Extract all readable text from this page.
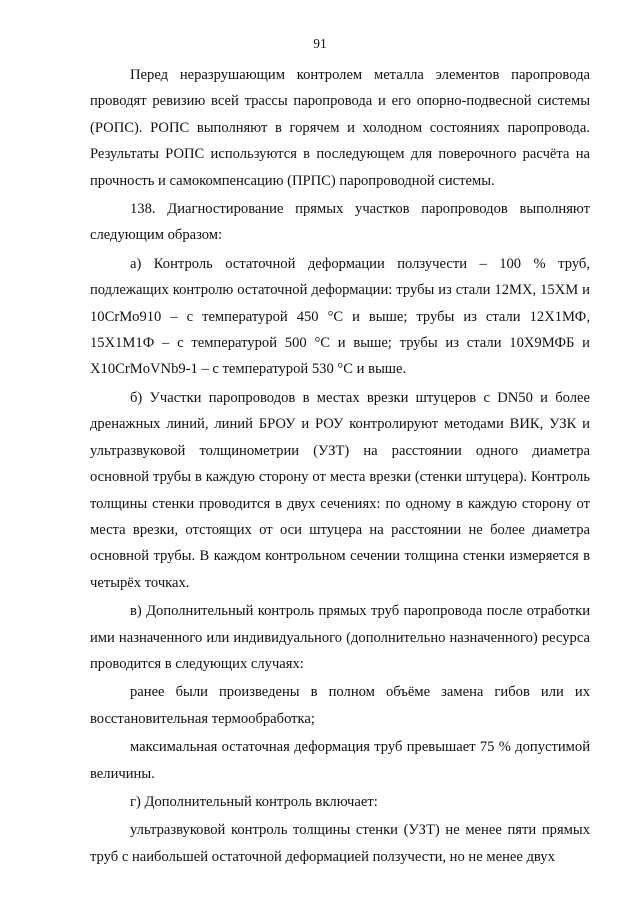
91

Перед неразрушающим контролем металла элементов паропровода проводят ревизию всей трассы паропровода и его опорно-подвесной системы (РОПС). РОПС выполняют в горячем и холодном состояниях паропровода. Результаты РОПС используются в последующем для поверочного расчёта на прочность и самокомпенсацию (ПРПС) паропроводной системы.

138. Диагностирование прямых участков паропроводов выполняют следующим образом:

а) Контроль остаточной деформации ползучести – 100 % труб, подлежащих контролю остаточной деформации: трубы из стали 12МХ, 15ХМ и 10CrMo910 – с температурой 450 °С и выше; трубы из стали 12Х1МФ, 15Х1М1Ф – с температурой 500 °С и выше; трубы из стали 10Х9МФБ и X10CrMoVNb9-1 – с температурой 530 °С и выше.

б) Участки паропроводов в местах врезки штуцеров с DN50 и более дренажных линий, линий БРОУ и РОУ контролируют методами ВИК, УЗК и ультразвуковой толщинометрии (УЗТ) на расстоянии одного диаметра основной трубы в каждую сторону от места врезки (стенки штуцера). Контроль толщины стенки проводится в двух сечениях: по одному в каждую сторону от места врезки, отстоящих от оси штуцера на расстоянии не более диаметра основной трубы. В каждом контрольном сечении толщина стенки измеряется в четырёх точках.

в) Дополнительный контроль прямых труб паропровода после отработки ими назначенного или индивидуального (дополнительно назначенного) ресурса проводится в следующих случаях:

ранее были произведены в полном объёме замена гибов или их восстановительная термообработка;

максимальная остаточная деформация труб превышает 75 % допустимой величины.

г) Дополнительный контроль включает:

ультразвуковой контроль толщины стенки (УЗТ) не менее пяти прямых труб с наибольшей остаточной деформацией ползучести, но не менее двух
